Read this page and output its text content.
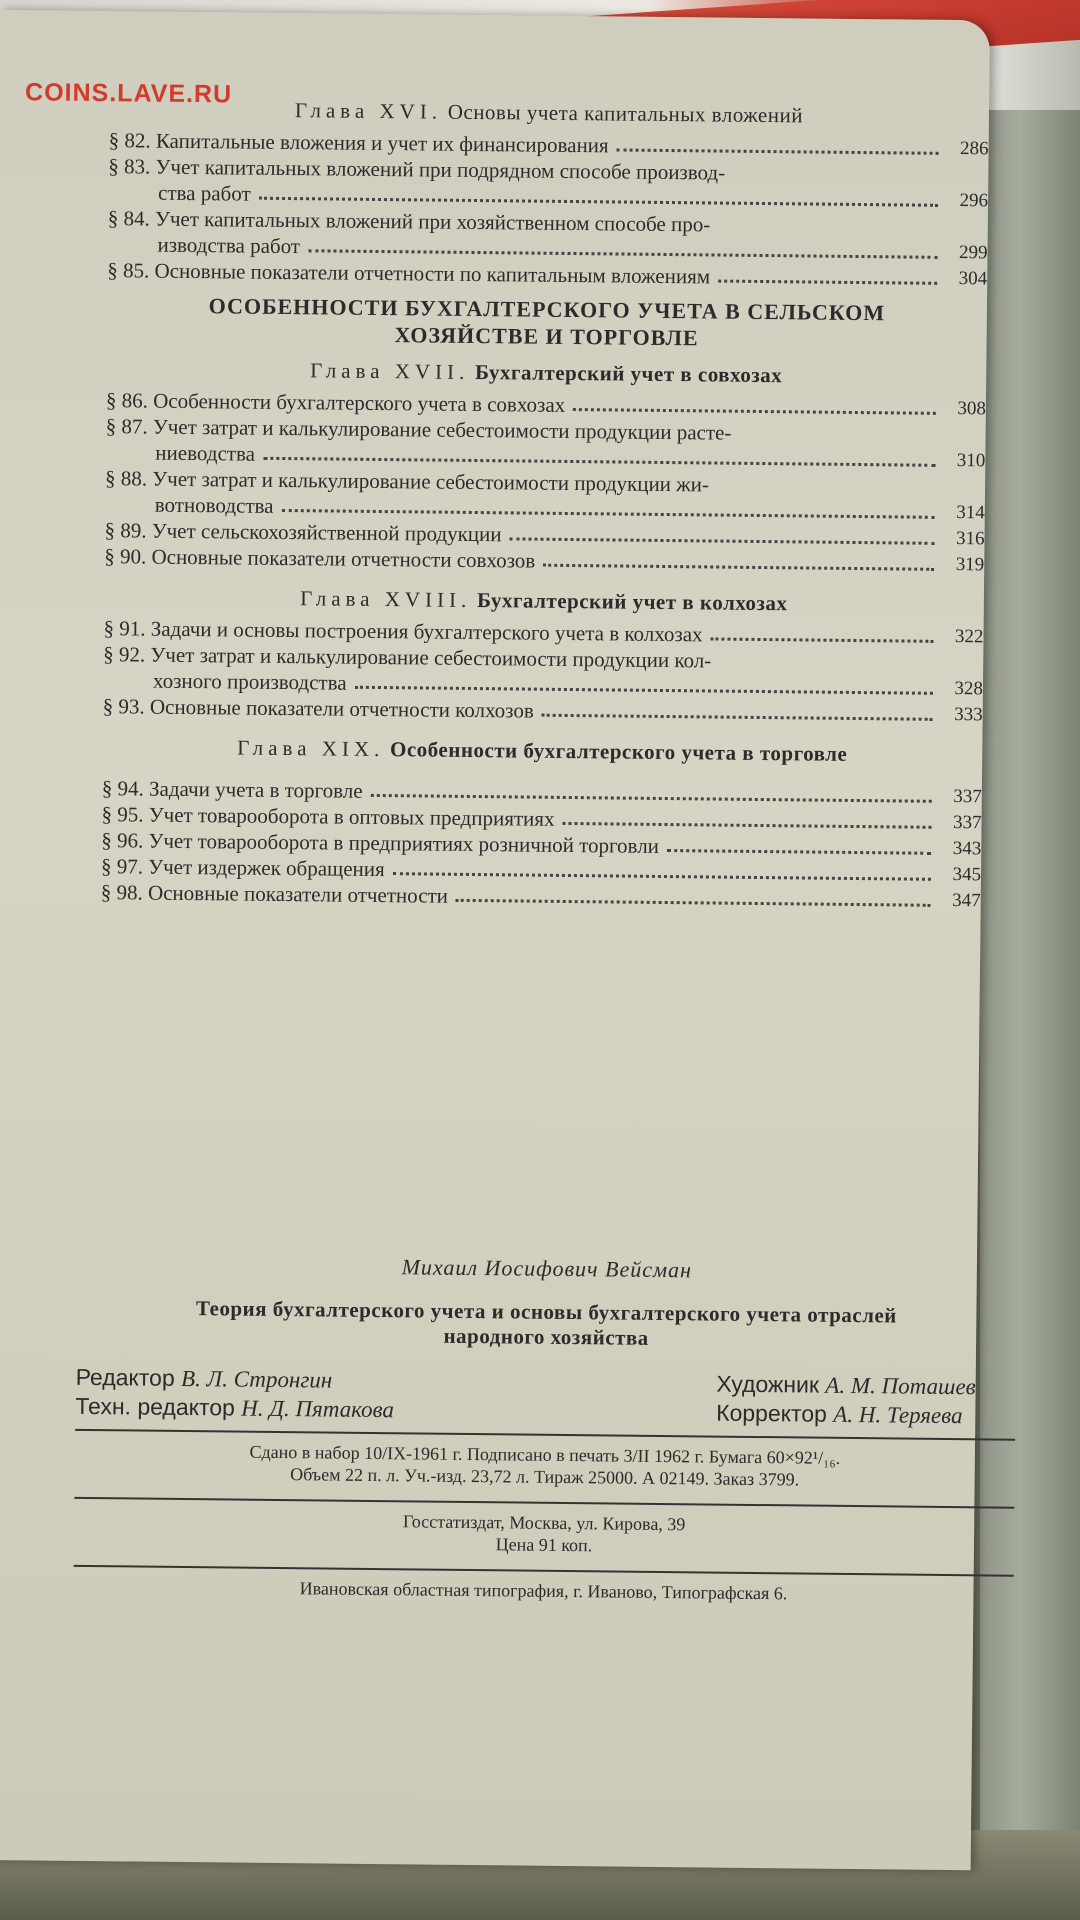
COINS.LAVE.RU
Глава XVI. Основы учета капитальных вложений
§ 82. Капитальные вложения и учет их финансирования	286
§ 83. Учет капитальных вложений при подрядном способе производ-
ства работ	296
§ 84. Учет капитальных вложений при хозяйственном способе про-
изводства работ	299
§ 85. Основные показатели отчетности по капитальным вложениям	304
ОСОБЕННОСТИ БУХГАЛТЕРСКОГО УЧЕТА В СЕЛЬСКОМ
ХОЗЯЙСТВЕ И ТОРГОВЛЕ
Глава XVII. Бухгалтерский учет в совхозах
§ 86. Особенности бухгалтерского учета в совхозах	308
§ 87. Учет затрат и калькулирование себестоимости продукции расте-
ниеводства	310
§ 88. Учет затрат и калькулирование себестоимости продукции жи-
вотноводства	314
§ 89. Учет сельскохозяйственной продукции	316
§ 90. Основные показатели отчетности совхозов	319
Глава XVIII. Бухгалтерский учет в колхозах
§ 91. Задачи и основы построения бухгалтерского учета в колхозах	322
§ 92. Учет затрат и калькулирование себестоимости продукции кол-
хозного производства	328
§ 93. Основные показатели отчетности колхозов	333
Глава XIX. Особенности бухгалтерского учета в торговле
§ 94. Задачи учета в торговле	337
§ 95. Учет товарооборота в оптовых предприятиях	337
§ 96. Учет товарооборота в предприятиях розничной торговли	343
§ 97. Учет издержек обращения	345
§ 98. Основные показатели отчетности	347
Михаил Иосифович Вейсман
Теория бухгалтерского учета и основы бухгалтерского учета отраслей
народного хозяйства
Редактор В. Л. Стронгин
Техн. редактор Н. Д. Пятакова
Художник А. М. Поташев
Корректор А. Н. Теряева
Сдано в набор 10/IX-1961 г. Подписано в печать 3/II 1962 г. Бумага 60×92¹/₁₆.
Объем 22 п. л. Уч.-изд. 23,72 л. Тираж 25000. А 02149. Заказ 3799.
Госстатиздат, Москва, ул. Кирова, 39
Цена 91 коп.
Ивановская областная типография, г. Иваново, Типографская 6.
